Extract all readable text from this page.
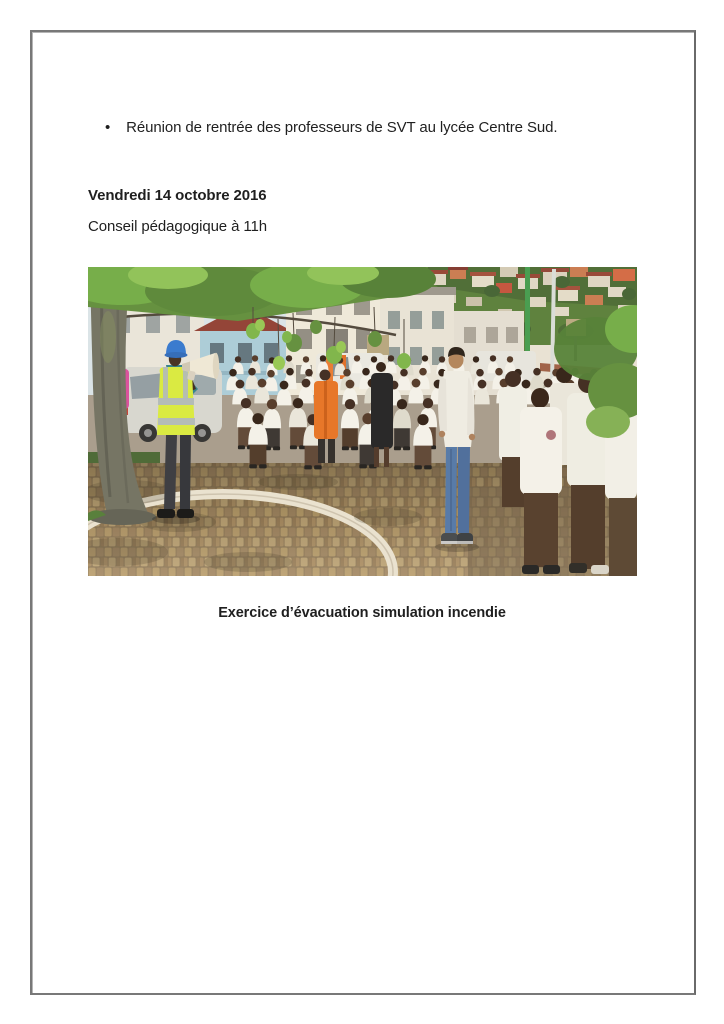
• Réunion de rentrée des professeurs de SVT au lycée Centre Sud.

Vendredi 14 octobre 2016

Conseil pédagogique à 11h

Exercice d’évacuation simulation incendie
